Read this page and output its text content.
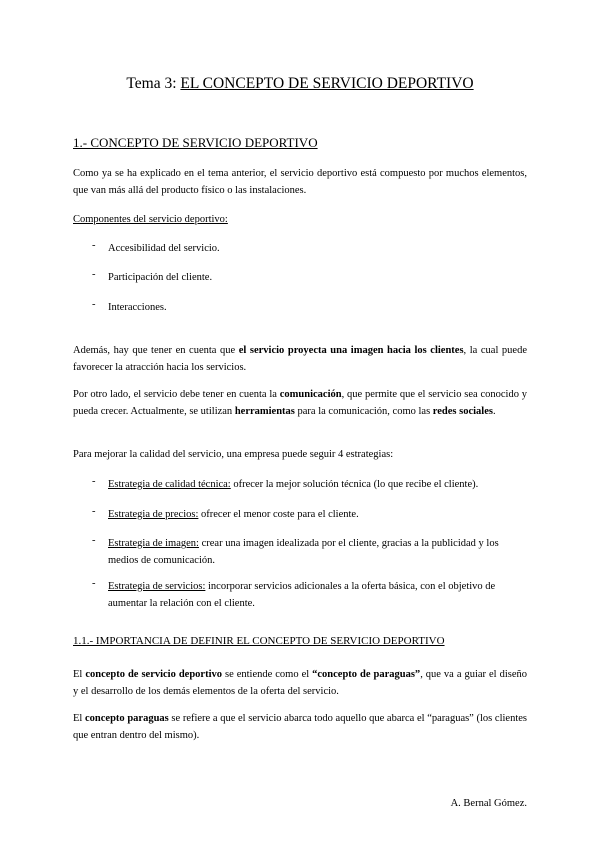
Tema 3: EL CONCEPTO DE SERVICIO DEPORTIVO
1.- CONCEPTO DE SERVICIO DEPORTIVO
Como ya se ha explicado en el tema anterior, el servicio deportivo está compuesto por muchos elementos, que van más allá del producto físico o las instalaciones.
Componentes del servicio deportivo:
- Accesibilidad del servicio.
- Participación del cliente.
- Interacciones.
Además, hay que tener en cuenta que el servicio proyecta una imagen hacia los clientes, la cual puede favorecer la atracción hacia los servicios.
Por otro lado, el servicio debe tener en cuenta la comunicación, que permite que el servicio sea conocido y pueda crecer. Actualmente, se utilizan herramientas para la comunicación, como las redes sociales.
Para mejorar la calidad del servicio, una empresa puede seguir 4 estrategias:
- Estrategia de calidad técnica: ofrecer la mejor solución técnica (lo que recibe el cliente).
- Estrategia de precios: ofrecer el menor coste para el cliente.
- Estrategia de imagen: crear una imagen idealizada por el cliente, gracias a la publicidad y los medios de comunicación.
- Estrategia de servicios: incorporar servicios adicionales a la oferta básica, con el objetivo de aumentar la relación con el cliente.
1.1.- IMPORTANCIA DE DEFINIR EL CONCEPTO DE SERVICIO DEPORTIVO
El concepto de servicio deportivo se entiende como el “concepto de paraguas”, que va a guiar el diseño y el desarrollo de los demás elementos de la oferta del servicio.
El concepto paraguas se refiere a que el servicio abarca todo aquello que abarca el “paraguas” (los clientes que entran dentro del mismo).
A. Bernal Gómez.
